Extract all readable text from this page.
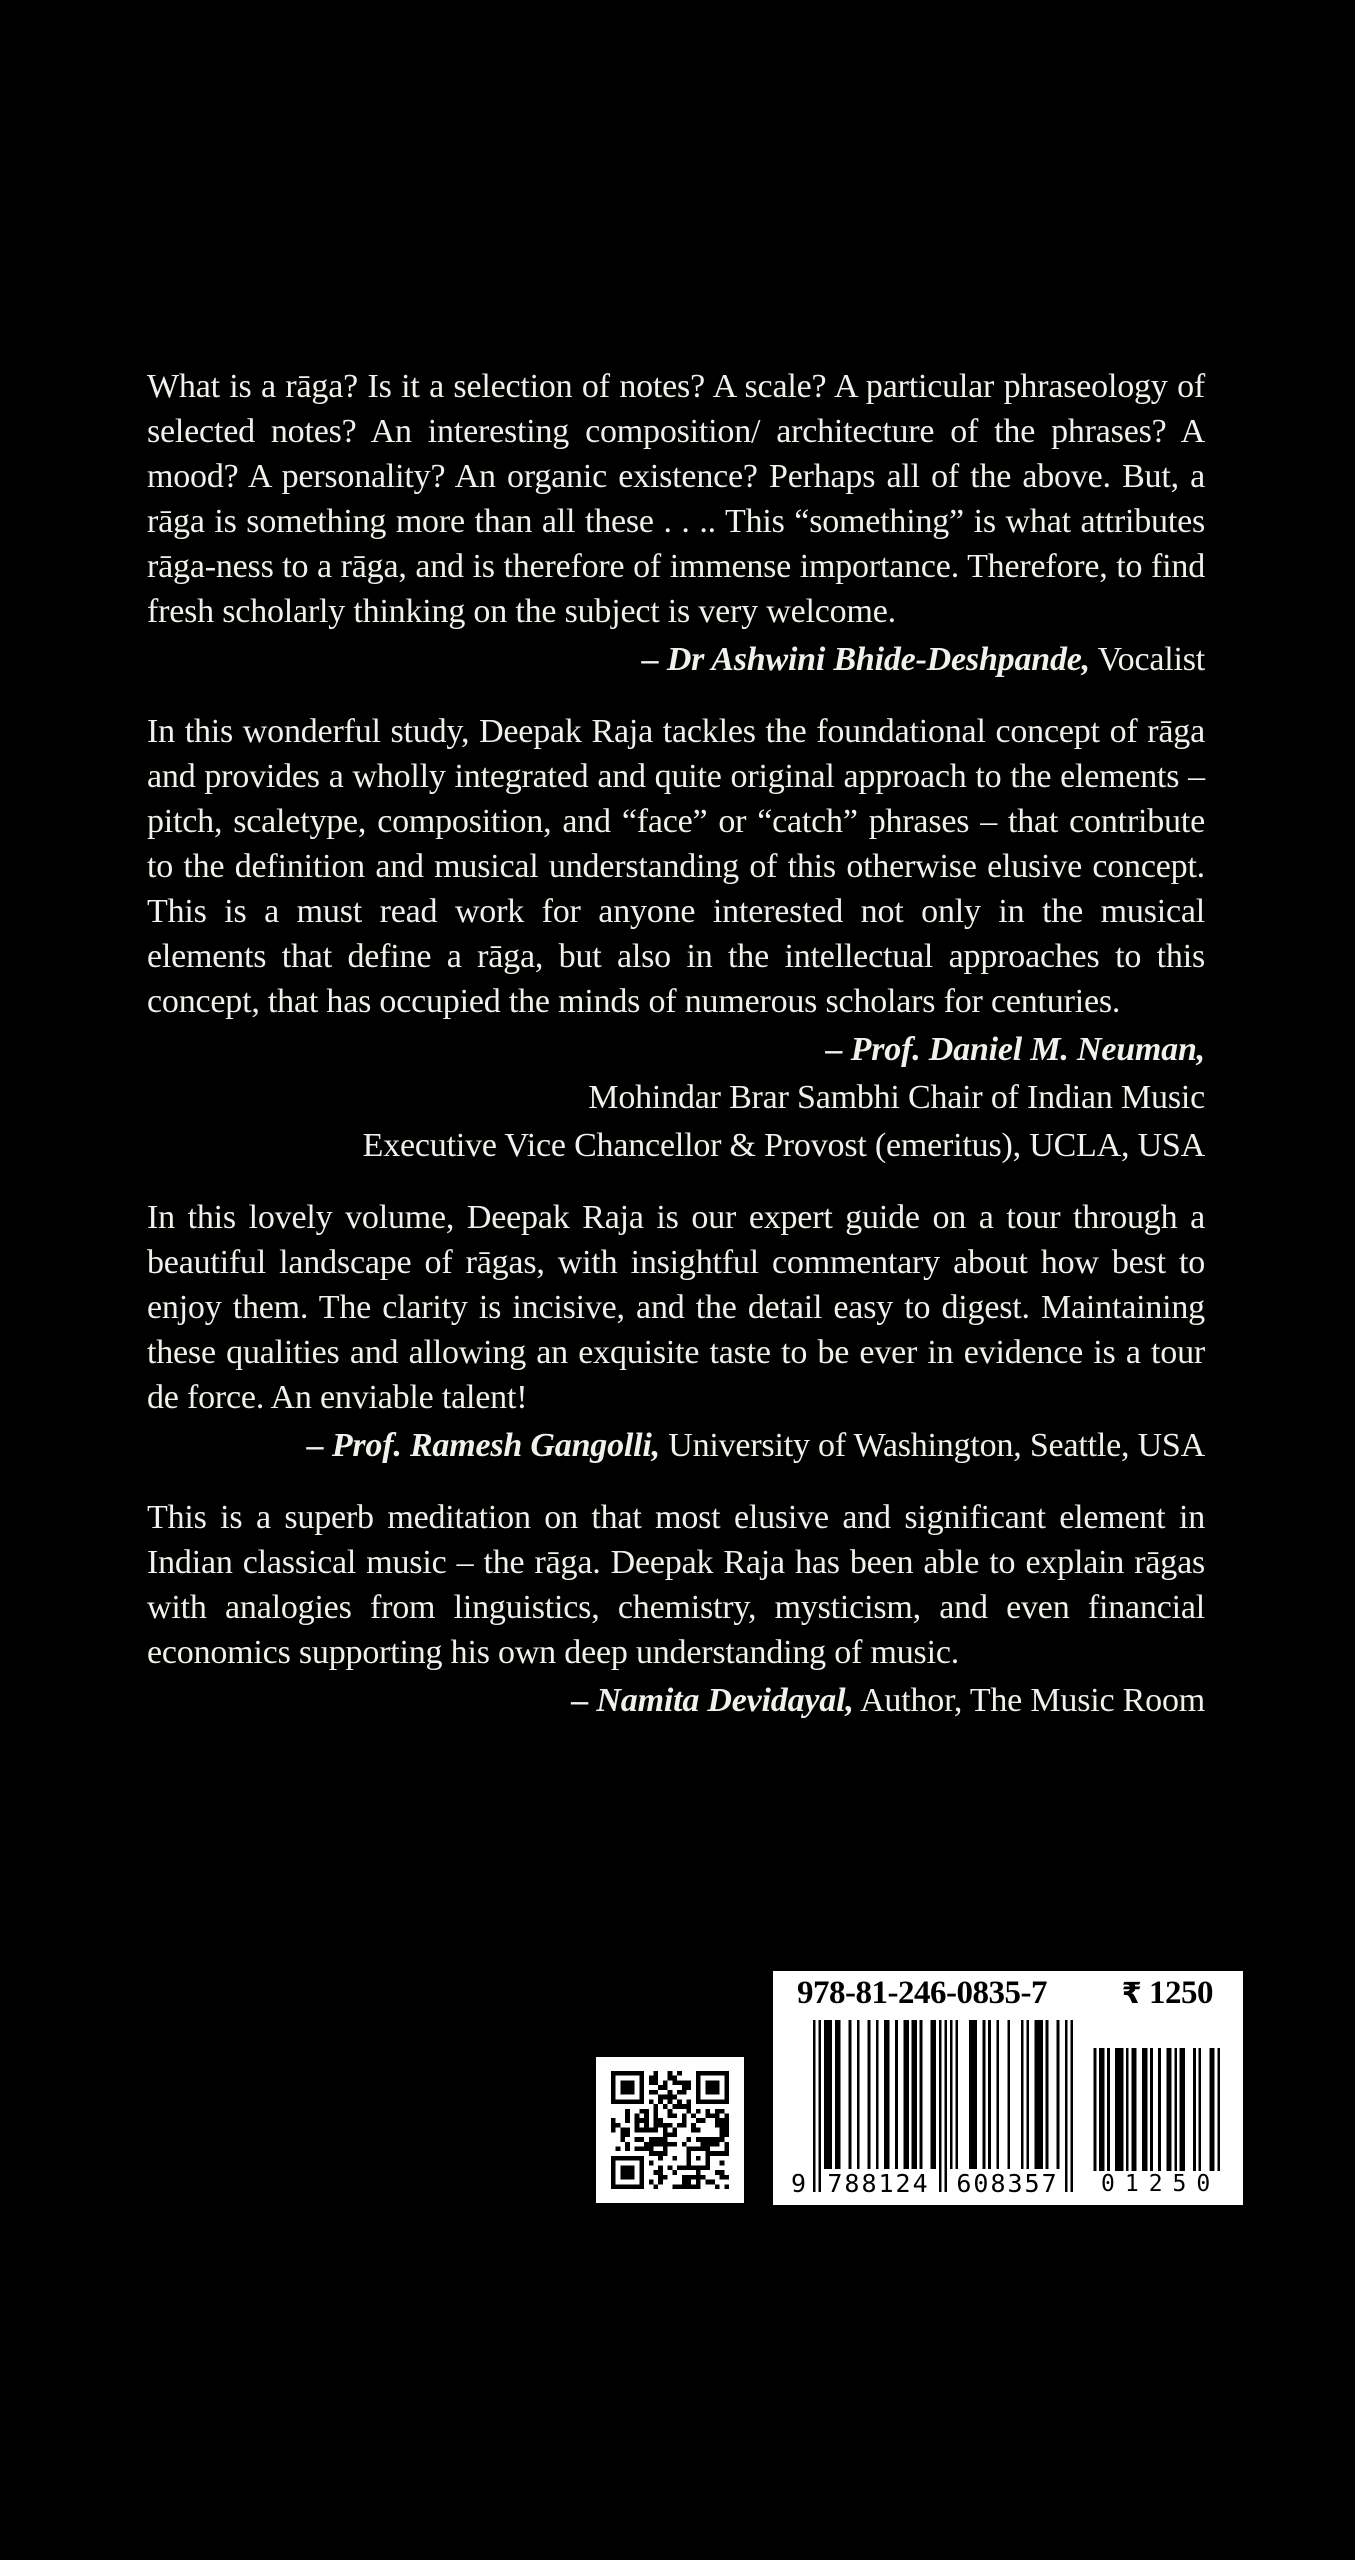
What is a rāga? Is it a selection of notes? A scale? A particular phraseology of selected notes? An interesting composition/ architecture of the phrases? A mood? A personality? An organic existence? Perhaps all of the above. But, a rāga is something more than all these . . .. This “something” is what attributes rāga-ness to a rāga, and is therefore of immense importance. Therefore, to find fresh scholarly thinking on the subject is very welcome.

– Dr Ashwini Bhide-Deshpande, Vocalist

In this wonderful study, Deepak Raja tackles the foundational concept of rāga and provides a wholly integrated and quite original approach to the elements – pitch, scaletype, composition, and “face” or “catch” phrases – that contribute to the definition and musical understanding of this otherwise elusive concept. This is a must read work for anyone interested not only in the musical elements that define a rāga, but also in the intellectual approaches to this concept, that has occupied the minds of numerous scholars for centuries.

– Prof. Daniel M. Neuman,

Mohindar Brar Sambhi Chair of Indian Music

Executive Vice Chancellor & Provost (emeritus), UCLA, USA

In this lovely volume, Deepak Raja is our expert guide on a tour through a beautiful landscape of rāgas, with insightful commentary about how best to enjoy them. The clarity is incisive, and the detail easy to digest. Maintaining these qualities and allowing an exquisite taste to be ever in evidence is a tour de force. An enviable talent!

– Prof. Ramesh Gangolli, University of Washington, Seattle, USA

This is a superb meditation on that most elusive and significant element in Indian classical music – the rāga. Deepak Raja has been able to explain rāgas with analogies from linguistics, chemistry, mysticism, and even financial economics supporting his own deep understanding of music.

– Namita Devidayal, Author, The Music Room

978-81-246-0835-7	₹ 1250
9 788124 608357	01250
